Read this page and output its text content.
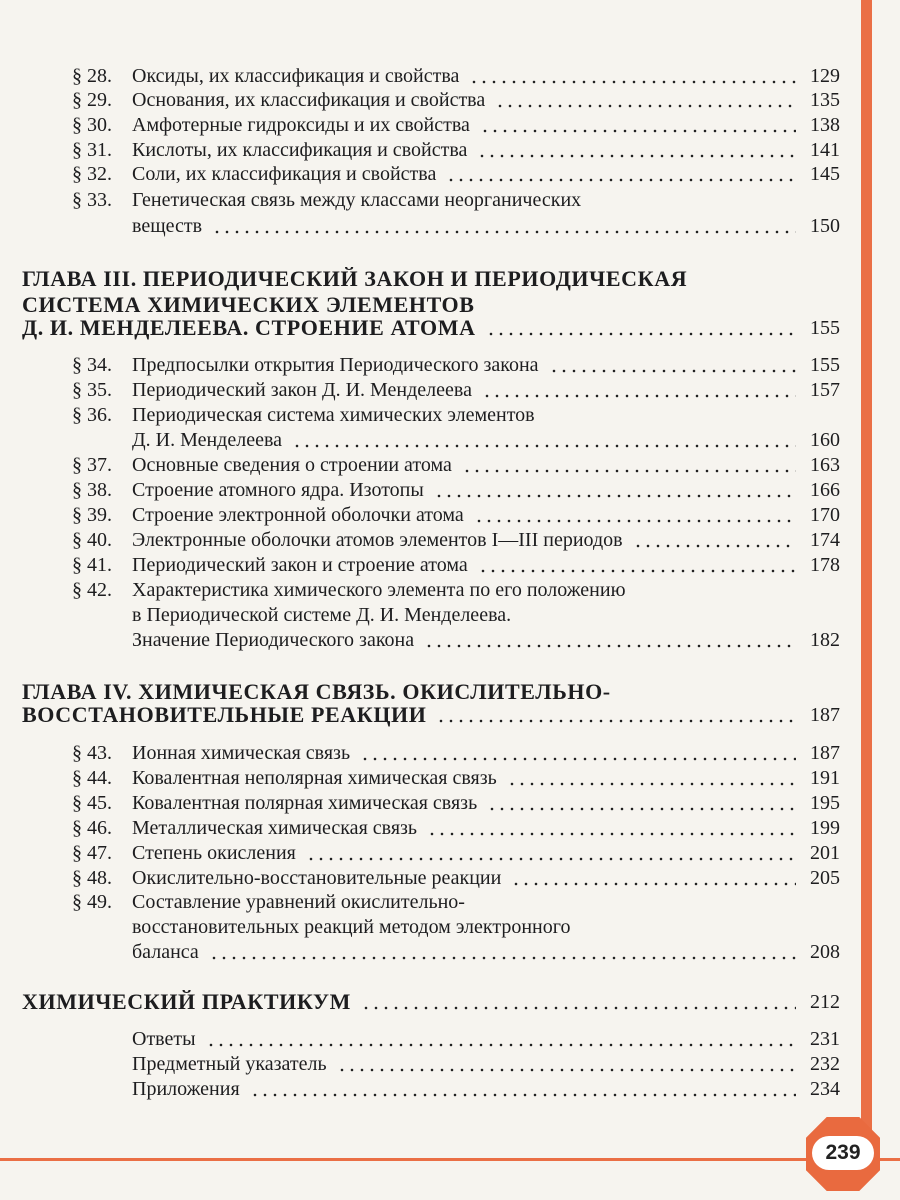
239
§ 28.	Оксиды, их классификация и свойства	129
§ 29.	Основания, их классификация и свойства	135
§ 30.	Амфотерные гидроксиды и их свойства	138
§ 31.	Кислоты, их классификация и свойства	141
§ 32.	Соли, их классификация и свойства	145
§ 33. Генетическая связь между классами неорганических
веществ	150
ГЛАВА III. ПЕРИОДИЧЕСКИЙ ЗАКОН И ПЕРИОДИЧЕСКАЯ
СИСТЕМА ХИМИЧЕСКИХ ЭЛЕМЕНТОВ
Д. И. МЕНДЕЛЕЕВА. СТРОЕНИЕ АТОМА	155
§ 34.	Предпосылки открытия Периодического закона	155
§ 35.	Периодический закон Д. И. Менделеева	157
§ 36. Периодическая система химических элементов
Д. И. Менделеева	160
§ 37.	Основные сведения о строении атома	163
§ 38.	Строение атомного ядра. Изотопы	166
§ 39.	Строение электронной оболочки атома	170
§ 40.	Электронные оболочки атомов элементов I—III периодов	174
§ 41.	Периодический закон и строение атома	178
§ 42. Характеристика химического элемента по его положению
в Периодической системе Д. И. Менделеева.
Значение Периодического закона	182
ГЛАВА IV. ХИМИЧЕСКАЯ СВЯЗЬ. ОКИСЛИТЕЛЬНО-
ВОССТАНОВИТЕЛЬНЫЕ РЕАКЦИИ	187
§ 43.	Ионная химическая связь	187
§ 44.	Ковалентная неполярная химическая связь	191
§ 45.	Ковалентная полярная химическая связь	195
§ 46.	Металлическая химическая связь	199
§ 47.	Степень окисления	201
§ 48.	Окислительно-восстановительные реакции	205
§ 49. Составление уравнений окислительно-
восстановительных реакций методом электронного
баланса	208
ХИМИЧЕСКИЙ ПРАКТИКУМ	212
Ответы	231
Предметный указатель	232
Приложения	234
